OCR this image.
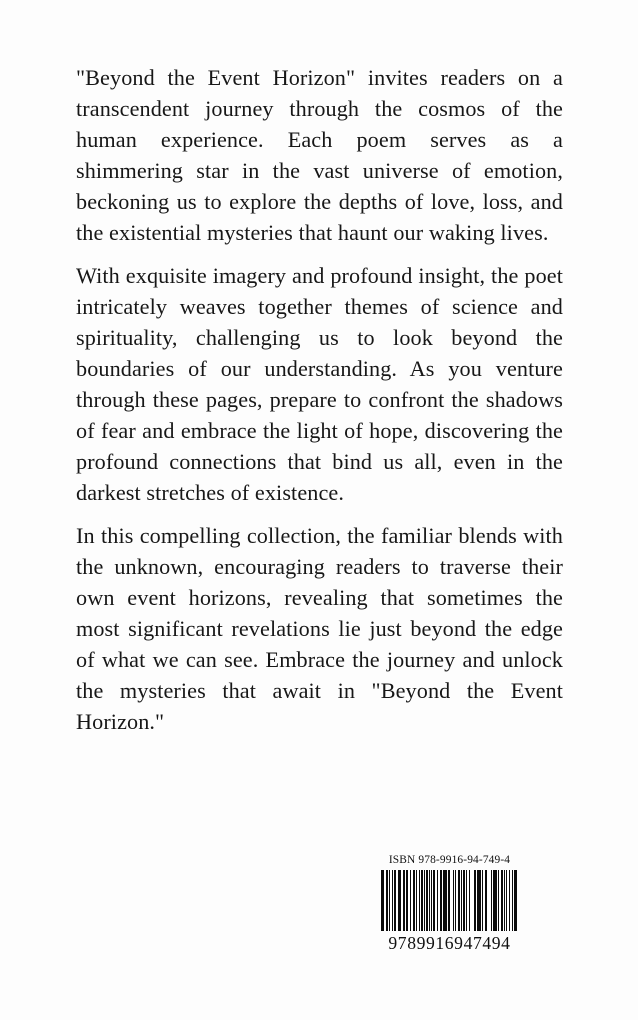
"Beyond the Event Horizon" invites readers on a transcendent journey through the cosmos of the human experience. Each poem serves as a shimmering star in the vast universe of emotion, beckoning us to explore the depths of love, loss, and the existential mysteries that haunt our waking lives.

With exquisite imagery and profound insight, the poet intricately weaves together themes of science and spirituality, challenging us to look beyond the boundaries of our understanding. As you venture through these pages, prepare to confront the shadows of fear and embrace the light of hope, discovering the profound connections that bind us all, even in the darkest stretches of existence.

In this compelling collection, the familiar blends with the unknown, encouraging readers to traverse their own event horizons, revealing that sometimes the most significant revelations lie just beyond the edge of what we can see. Embrace the journey and unlock the mysteries that await in "Beyond the Event Horizon."

ISBN 978-9916-94-749-4
9789916947494
